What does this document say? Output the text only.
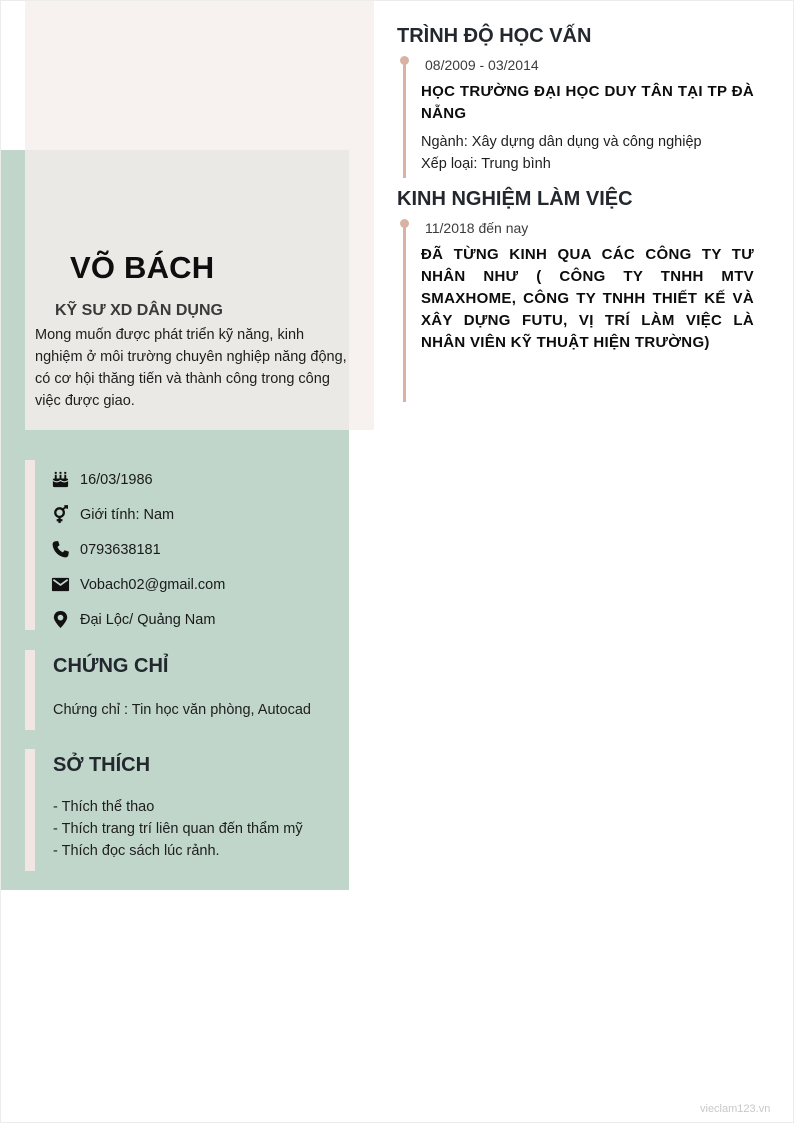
VÕ BÁCH
KỸ SƯ XD DÂN DỤNG
Mong muốn được phát triển kỹ năng, kinh nghiệm ở môi trường chuyên nghiệp năng động, có cơ hội thăng tiến và thành công trong công việc được giao.
16/03/1986
Giới tính: Nam
0793638181
Vobach02@gmail.com
Đại Lộc/ Quảng Nam
CHỨNG CHỈ
Chứng chỉ : Tin học văn phòng, Autocad
SỞ THÍCH
- Thích thể thao
- Thích trang trí liên quan đến thẩm mỹ
- Thích đọc sách lúc rảnh.
TRÌNH ĐỘ HỌC VẤN
08/2009 - 03/2014
HỌC TRƯỜNG ĐẠI HỌC DUY TÂN TẠI TP ĐÀ NẴNG
Ngành: Xây dựng dân dụng và công nghiệp
Xếp loại: Trung bình
KINH NGHIỆM LÀM VIỆC
11/2018 đến nay
ĐÃ TỪNG KINH QUA CÁC CÔNG TY TƯ NHÂN NHƯ ( CÔNG TY TNHH MTV SMAXHOME, CÔNG TY TNHH THIẾT KẾ VÀ XÂY DỰNG FUTU, VỊ TRÍ LÀM VIỆC LÀ NHÂN VIÊN KỸ THUẬT HIỆN TRƯỜNG)
vieclam123.vn
